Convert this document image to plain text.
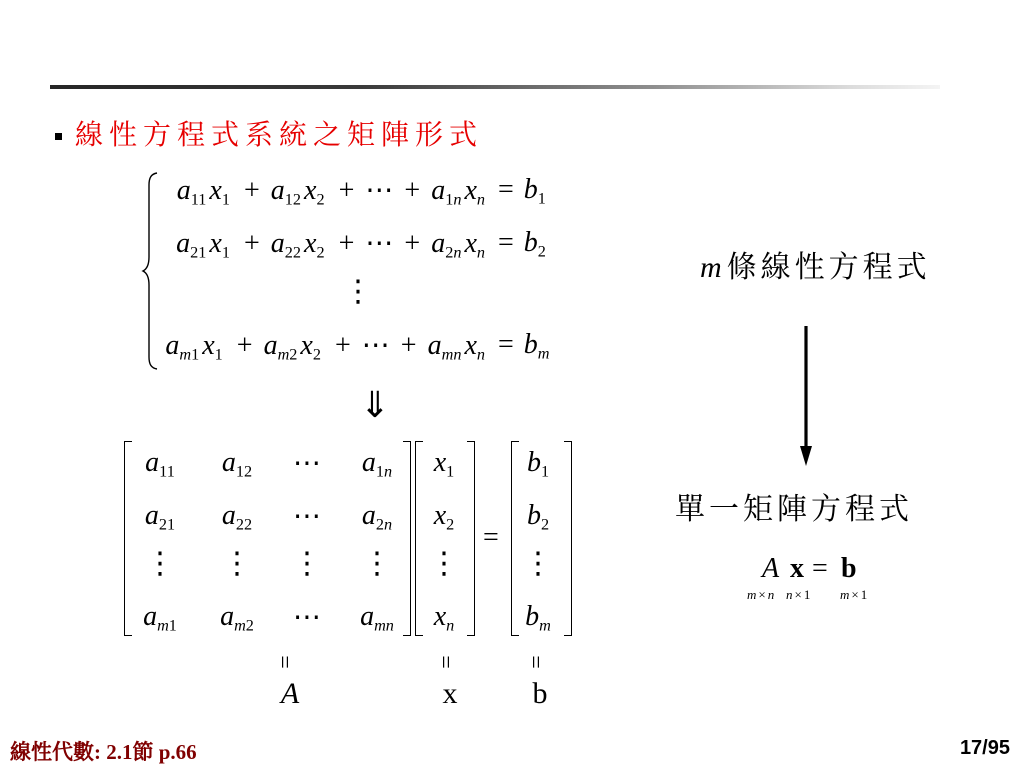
線性方程式系統之矩陣形式
$a_{11}$ $x_1 + a_{12}$ $x_2$ + ⋯ + $a_{1n}$ $x_n = b_1$
$a_{21}$ $x_1 + a_{22}$ $x_2$ + ⋯ + $a_{2n}$ $x_n = b_2$
⋮
$a_{m1}$ $x_1 + a_{m2}$ $x_2$ + ⋯ + $a_{mn}$ $x_n = b_m$
⇓
$a_{11}$ $a_{12}$ ⋯ $a_{1n}$
$a_{21}$ $a_{22}$ ⋯ $a_{2n}$
⋮ ⋮ ⋮ ⋮
$a_{m1}$ $a_{m2}$ ⋯ $a_{mn}$
$x_1$
$x_2$
⋮
$x_n$
=
$b_1$
$b_2$
⋮
$b_m$
=	=	=
A	x	b
m 條線性方程式
單一矩陣方程式
A x = b
m×n n×1 m×1
線性代數: 2.1節 p.66	17/95
